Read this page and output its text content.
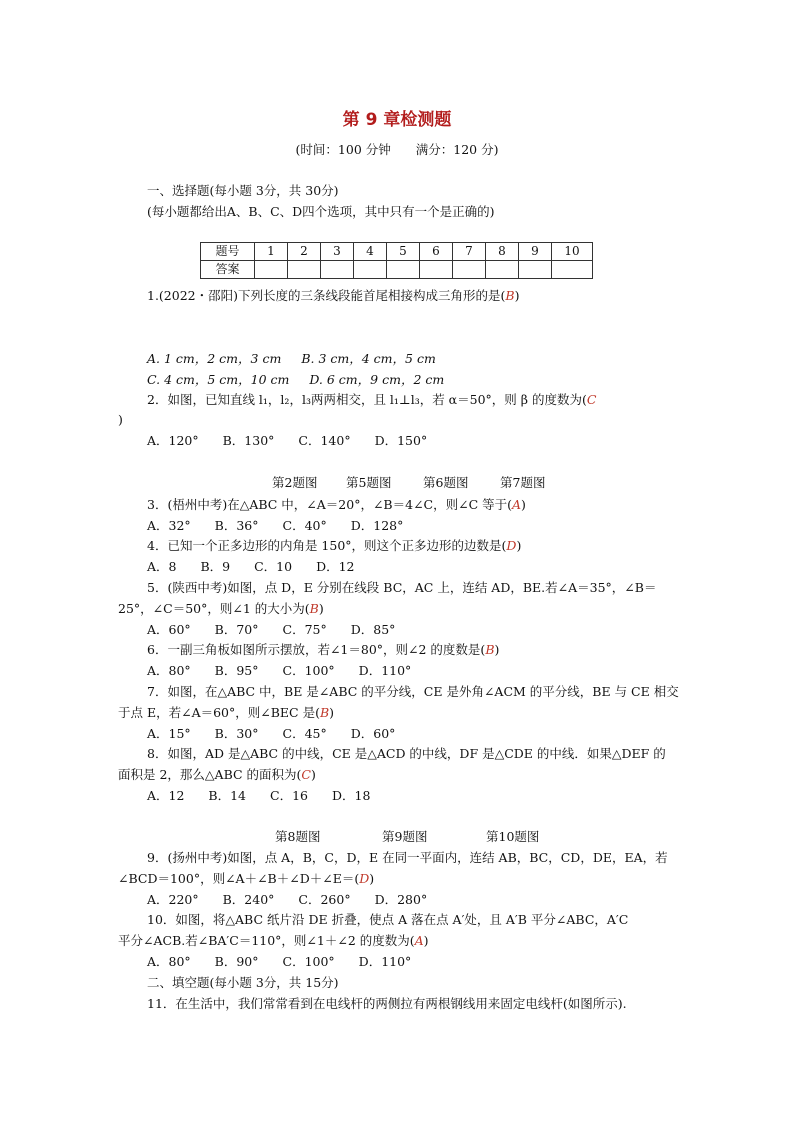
第 9 章检测题
(时间：100 分钟　　满分：120 分)
一、选择题(每小题 3分，共 30分)
(每小题都给出A、B、C、D四个选项，其中只有一个是正确的)
题号	1	2	3	4	5	6	7	8	9	10
答案										
1.(2022・邵阳)下列长度的三条线段能首尾相接构成三角形的是(B)
A. 1 cm，2 cm，3 cm B. 3 cm，4 cm，5 cm
C. 4 cm，5 cm，10 cm D. 6 cm，9 cm，2 cm
2．如图，已知直线 l₁，l₂，l₃两两相交，且 l₁⊥l₃，若 α＝50°，则 β 的度数为(C
)
A．120° B．130° C．140° D．150°
第2题图 第5题图	第6题图	第7题图
3．(梧州中考)在△ABC 中，∠A＝20°，∠B＝4∠C，则∠C 等于(A)
A．32° B．36° C．40° D．128°
4．已知一个正多边形的内角是 150°，则这个正多边形的边数是(D)
A．8 B．9 C．10 D．12
5．(陕西中考)如图，点 D，E 分别在线段 BC，AC 上，连结 AD，BE.若∠A＝35°，∠B＝
25°，∠C＝50°，则∠1 的大小为(B)
A．60° B．70° C．75° D．85°
6．一副三角板如图所示摆放，若∠1＝80°，则∠2 的度数是(B)
A．80° B．95° C．100° D．110°
7．如图，在△ABC 中，BE 是∠ABC 的平分线，CE 是外角∠ACM 的平分线，BE 与 CE 相交
于点 E，若∠A＝60°，则∠BEC 是(B)
A．15° B．30° C．45° D．60°
8．如图，AD 是△ABC 的中线，CE 是△ACD 的中线，DF 是△CDE 的中线．如果△DEF 的
面积是 2，那么△ABC 的面积为(C)
A．12 B．14 C．16 D．18
第8题图	第9题图	第10题图
9．(扬州中考)如图，点 A，B，C，D，E 在同一平面内，连结 AB，BC，CD，DE，EA，若
∠BCD＝100°，则∠A＋∠B＋∠D＋∠E＝(D)
A．220° B．240° C．260° D．280°
10．如图，将△ABC 纸片沿 DE 折叠，使点 A 落在点 A′处，且 A′B 平分∠ABC，A′C
平分∠ACB.若∠BA′C＝110°，则∠1＋∠2 的度数为(A)
A．80° B．90° C．100° D．110°
二、填空题(每小题 3分，共 15分)
11．在生活中，我们常常看到在电线杆的两侧拉有两根钢线用来固定电线杆(如图所示).
